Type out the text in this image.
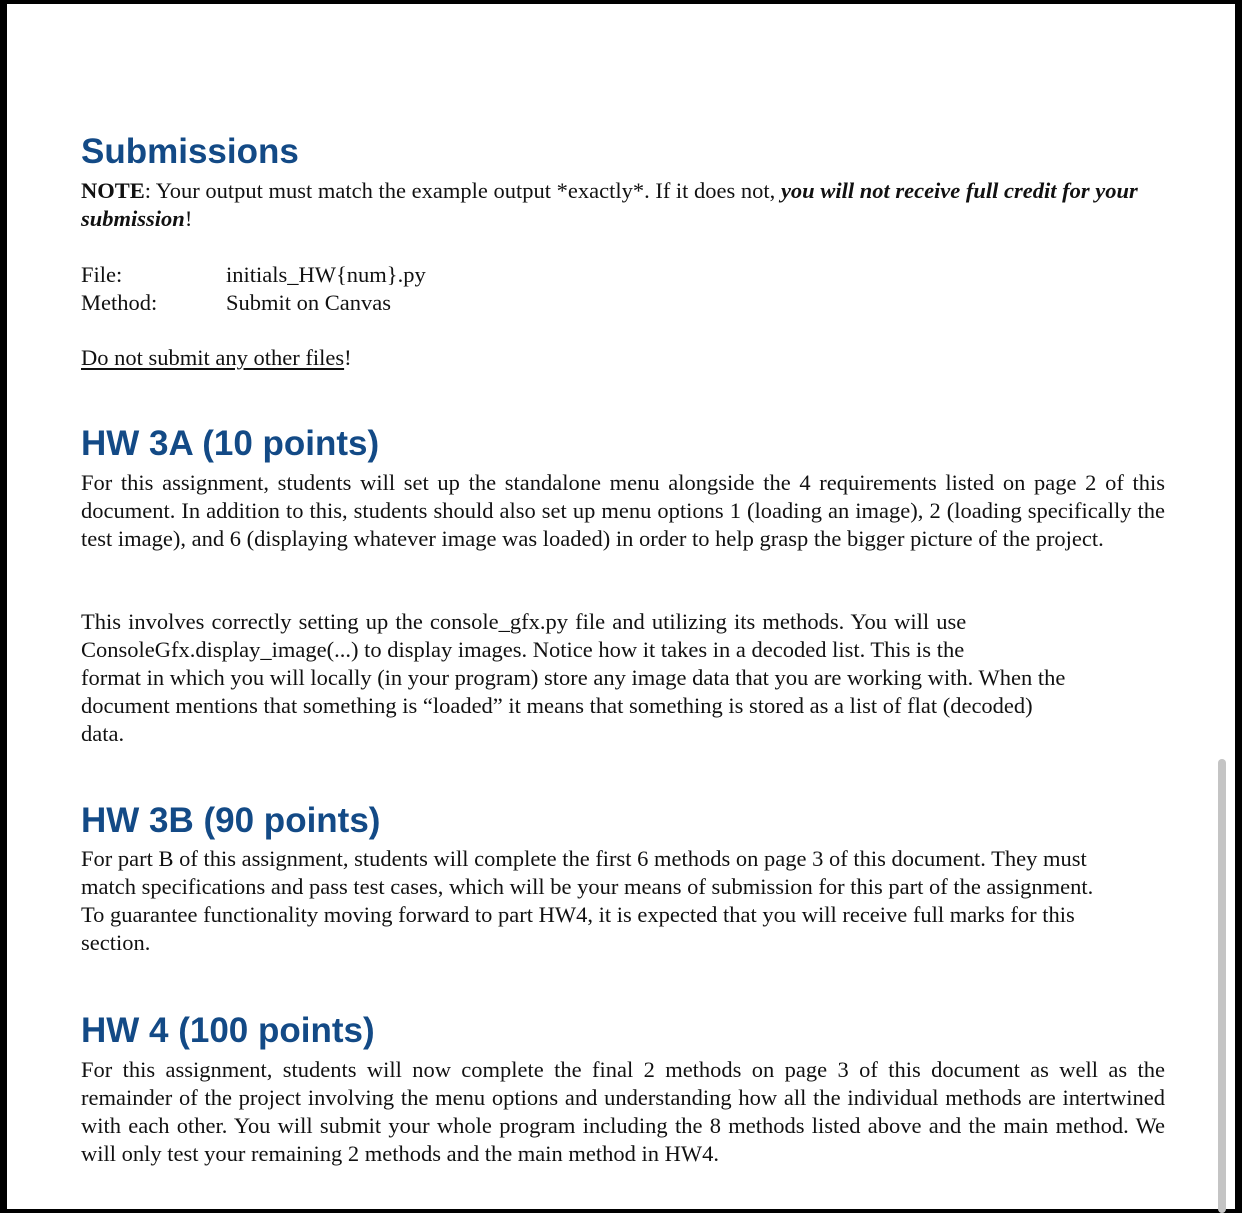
Submissions

NOTE: Your output must match the example output *exactly*. If it does not, you will not receive full credit for your submission!

File:	initials_HW{num}.py
Method:	Submit on Canvas

Do not submit any other files!

HW 3A (10 points)

For this assignment, students will set up the standalone menu alongside the 4 requirements listed on page 2 of this document. In addition to this, students should also set up menu options 1 (loading an image), 2 (loading specifically the test image), and 6 (displaying whatever image was loaded) in order to help grasp the bigger picture of the project.

This involves correctly setting up the console_gfx.py file and utilizing its methods. You will use
ConsoleGfx.display_image(...) to display images. Notice how it takes in a decoded list. This is the
format in which you will locally (in your program) store any image data that you are working with. When the
document mentions that something is “loaded” it means that something is stored as a list of flat (decoded)
data.
HW 3B (90 points)
For part B of this assignment, students will complete the first 6 methods on page 3 of this document. They must
match specifications and pass test cases, which will be your means of submission for this part of the assignment.
To guarantee functionality moving forward to part HW4, it is expected that you will receive full marks for this
section.
HW 4 (100 points)

For this assignment, students will now complete the final 2 methods on page 3 of this document as well as the remainder of the project involving the menu options and understanding how all the individual methods are intertwined with each other. You will submit your whole program including the 8 methods listed above and the main method. We will only test your remaining 2 methods and the main method in HW4.
